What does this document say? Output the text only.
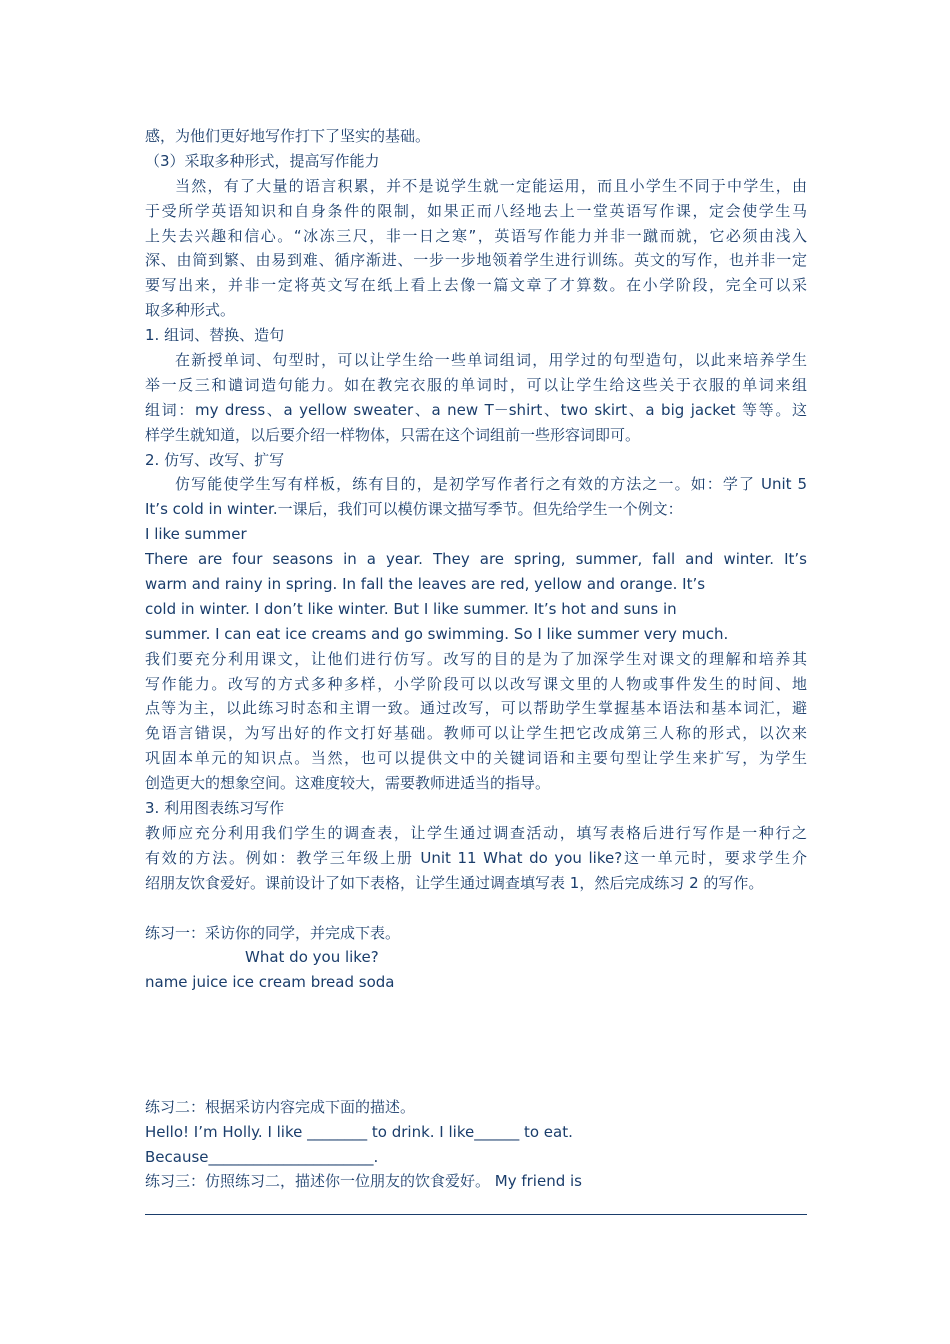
感，为他们更好地写作打下了坚实的基础。
（3）采取多种形式，提高写作能力
当然，有了大量的语言积累，并不是说学生就一定能运用，而且小学生不同于中学生，由
于受所学英语知识和自身条件的限制，如果正而八经地去上一堂英语写作课，定会使学生马
上失去兴趣和信心。“冰冻三尺，非一日之寒”，英语写作能力并非一蹴而就，它必须由浅入
深、由简到繁、由易到难、循序渐进、一步一步地领着学生进行训练。英文的写作，也并非一定
要写出来，并非一定将英文写在纸上看上去像一篇文章了才算数。在小学阶段，完全可以采
取多种形式。
1. 组词、替换、造句
在新授单词、句型时，可以让学生给一些单词组词，用学过的句型造句，以此来培养学生
举一反三和谴词造句能力。如在教完衣服的单词时，可以让学生给这些关于衣服的单词来组
组词：my dress、a yellow sweater、a new T－shirt、two skirt、a big jacket 等等。这
样学生就知道，以后要介绍一样物体，只需在这个词组前一些形容词即可。
2. 仿写、改写、扩写
仿写能使学生写有样板，练有目的，是初学写作者行之有效的方法之一。如：学了 Unit 5
It’s cold in winter.一课后，我们可以模仿课文描写季节。但先给学生一个例文：
I like summer
There are four seasons in a year. They are spring, summer, fall and winter. It’s
warm and rainy in spring. In fall the leaves are red, yellow and orange. It’s
cold in winter. I don’t like winter. But I like summer. It’s hot and suns in
summer. I can eat ice creams and go swimming. So I like summer very much.
我们要充分利用课文，让他们进行仿写。改写的目的是为了加深学生对课文的理解和培养其
写作能力。改写的方式多种多样，小学阶段可以以改写课文里的人物或事件发生的时间、地
点等为主，以此练习时态和主谓一致。通过改写，可以帮助学生掌握基本语法和基本词汇，避
免语言错误，为写出好的作文打好基础。教师可以让学生把它改成第三人称的形式，以次来
巩固本单元的知识点。当然，也可以提供文中的关键词语和主要句型让学生来扩写，为学生
创造更大的想象空间。这难度较大，需要教师进适当的指导。
3. 利用图表练习写作
教师应充分利用我们学生的调查表，让学生通过调查活动，填写表格后进行写作是一种行之
有效的方法。例如：教学三年级上册 Unit 11 What do you like?这一单元时，要求学生介
绍朋友饮食爱好。课前设计了如下表格，让学生通过调查填写表 1，然后完成练习 2 的写作。
练习一：采访你的同学，并完成下表。
What do you like?
name juice ice cream bread soda
练习二：根据采访内容完成下面的描述。
Hello! I’m Holly. I like ________ to drink. I like______ to eat.
Because______________________.
练习三：仿照练习二，描述你一位朋友的饮食爱好。 My friend is
